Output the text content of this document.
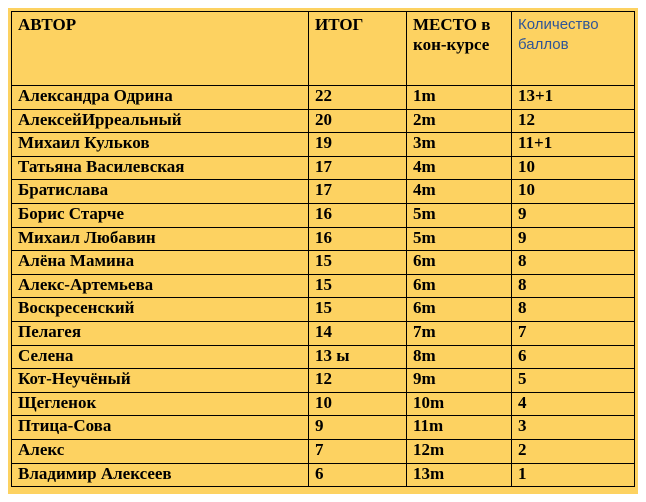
АВТОР	ИТОГ	МЕСТО в кон-курсе	Количество баллов
Александра Одрина	22	1m	13+1
АлексейИрреальный	20	2m	12
Михаил Кульков	19	3m	11+1
Татьяна Василевская	17	4m	10
Братислава	17	4m	10
Борис Старче	16	5m	9
Михаил Любавин	16	5m	9
Алёна Мамина	15	6m	8
Алекс-Артемьева	15	6m	8
Воскресенский	15	6m	8
Пелагея	14	7m	7
Селена	13 ы	8m	6
Кот-Неучёный	12	9m	5
Щегленок	10	10m	4
Птица-Сова	9	11m	3
Алекс	7	12m	2
Владимир Алексеев	6	13m	1
